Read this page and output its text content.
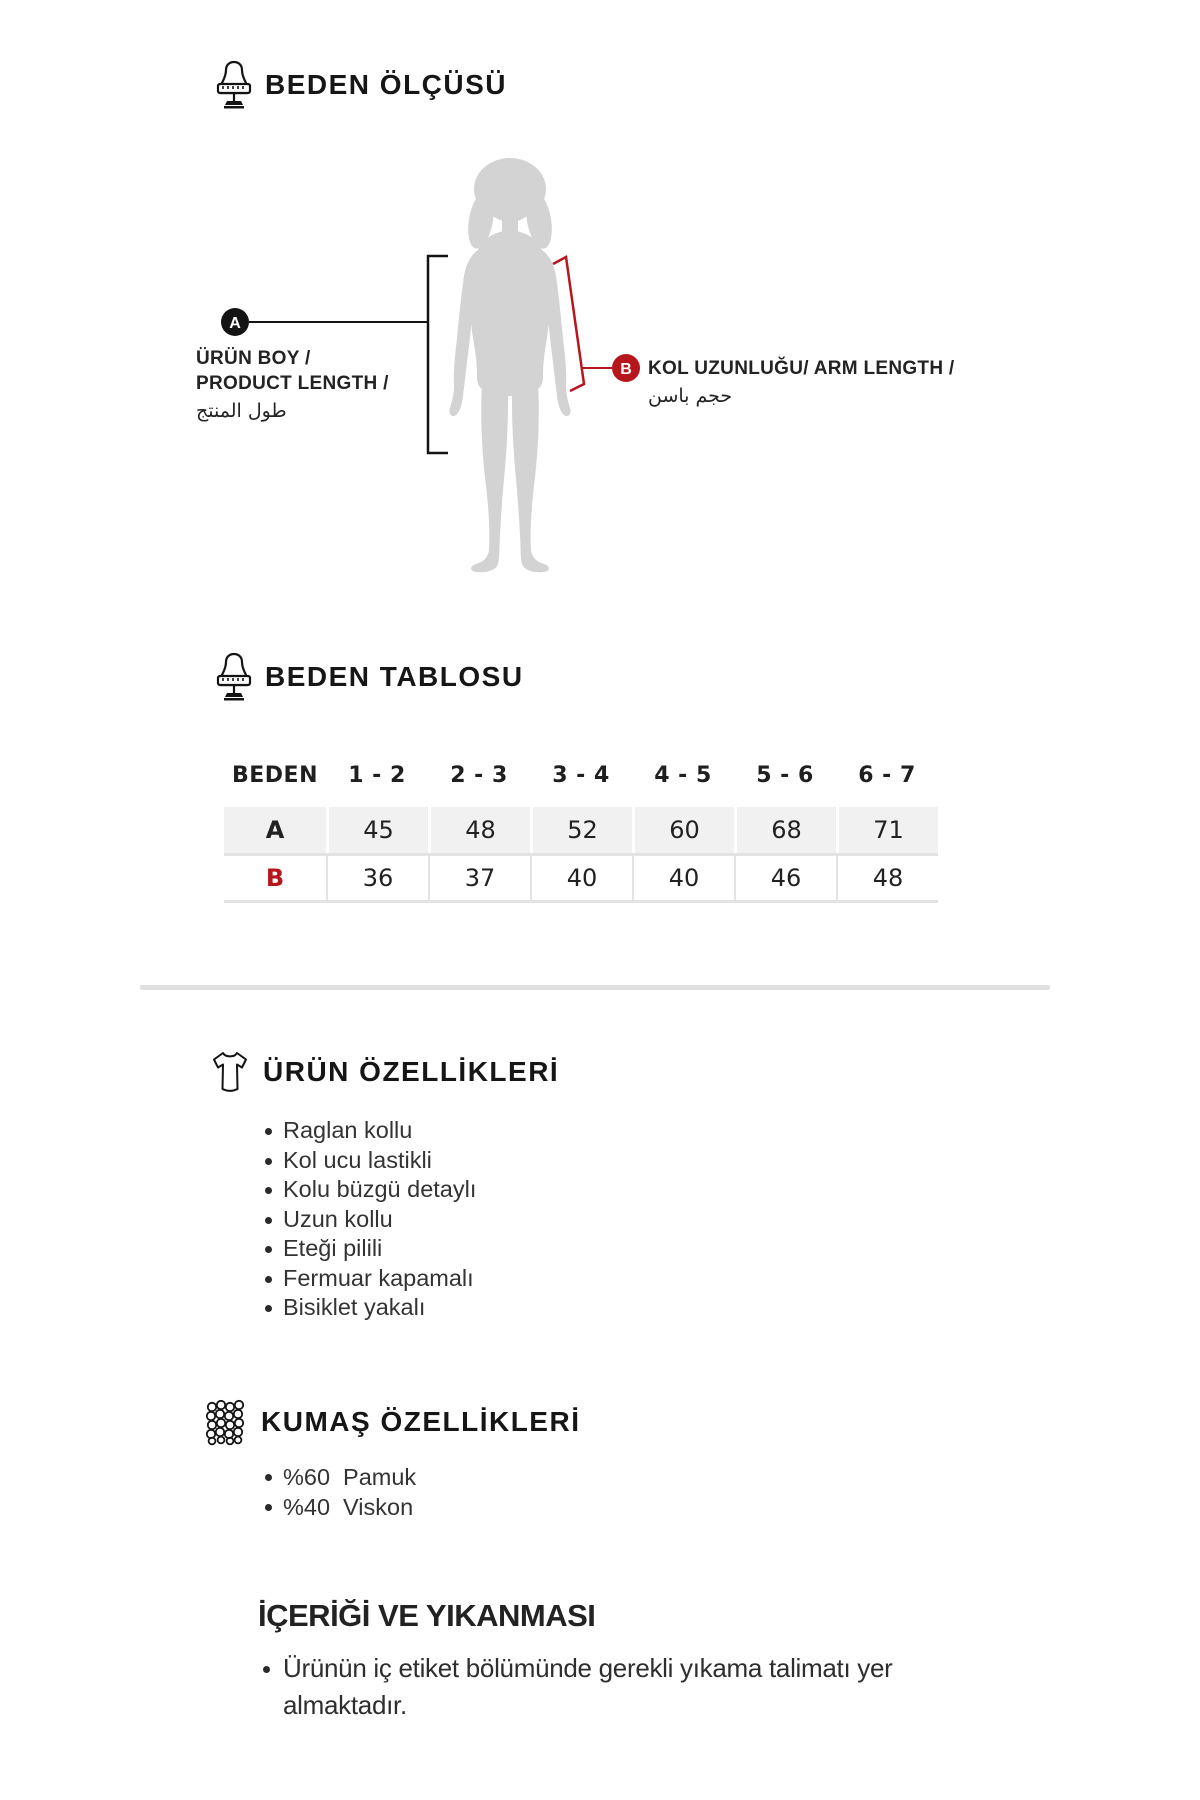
BEDEN ÖLÇÜSÜ
A
B
ÜRÜN BOY /
PRODUCT LENGTH /
طول المنتج
KOL UZUNLUĞU/ ARM LENGTH /
حجم باسن
BEDEN TABLOSU
BEDEN	1 - 2	2 - 3	3 - 4	4 - 5	5 - 6	6 - 7
A	45	48	52	60	68	71
B	36	37	40	40	46	48
ÜRÜN ÖZELLİKLERİ
Raglan kollu
Kol ucu lastikli
Kolu büzgü detaylı
Uzun kollu
Eteği pilili
Fermuar kapamalı
Bisiklet yakalı
KUMAŞ ÖZELLİKLERİ
%60 Pamuk
%40 Viskon
İÇERİĞİ VE YIKANMASI
Ürünün iç etiket bölümünde gerekli yıkama talimatı yer almaktadır.
